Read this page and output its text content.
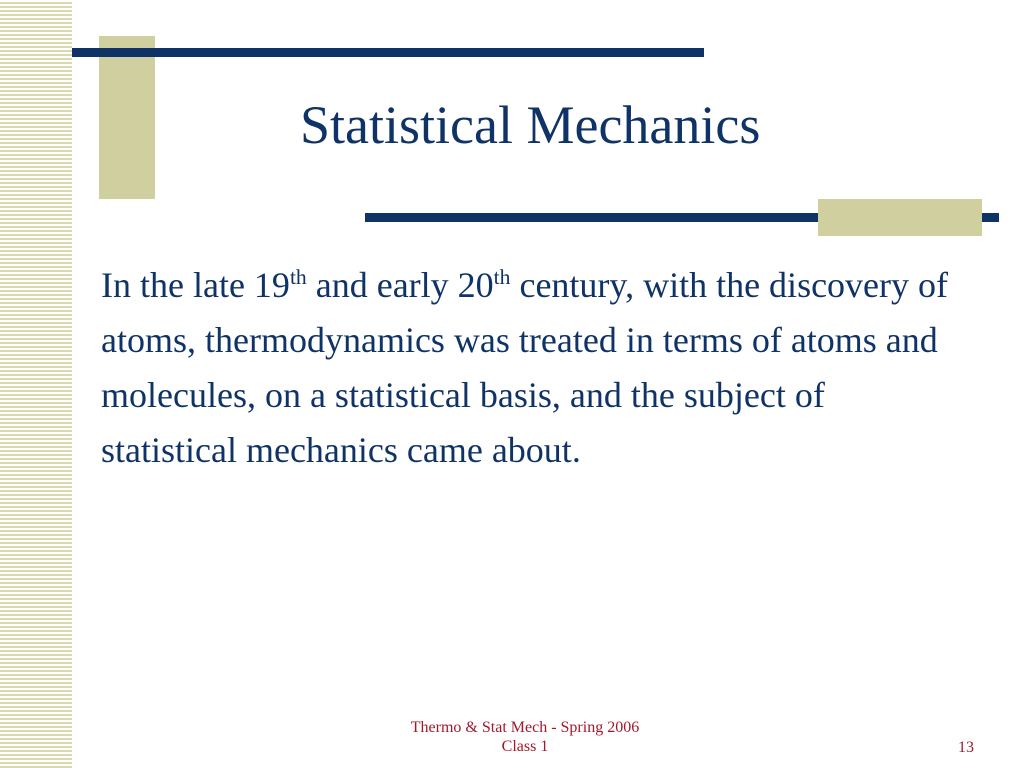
Statistical Mechanics

In the late 19th and early 20th century, with the discovery of atoms, thermodynamics was treated in terms of atoms and molecules, on a statistical basis, and the subject of statistical mechanics came about.

Thermo & Stat Mech - Spring 2006
Class 1	13
